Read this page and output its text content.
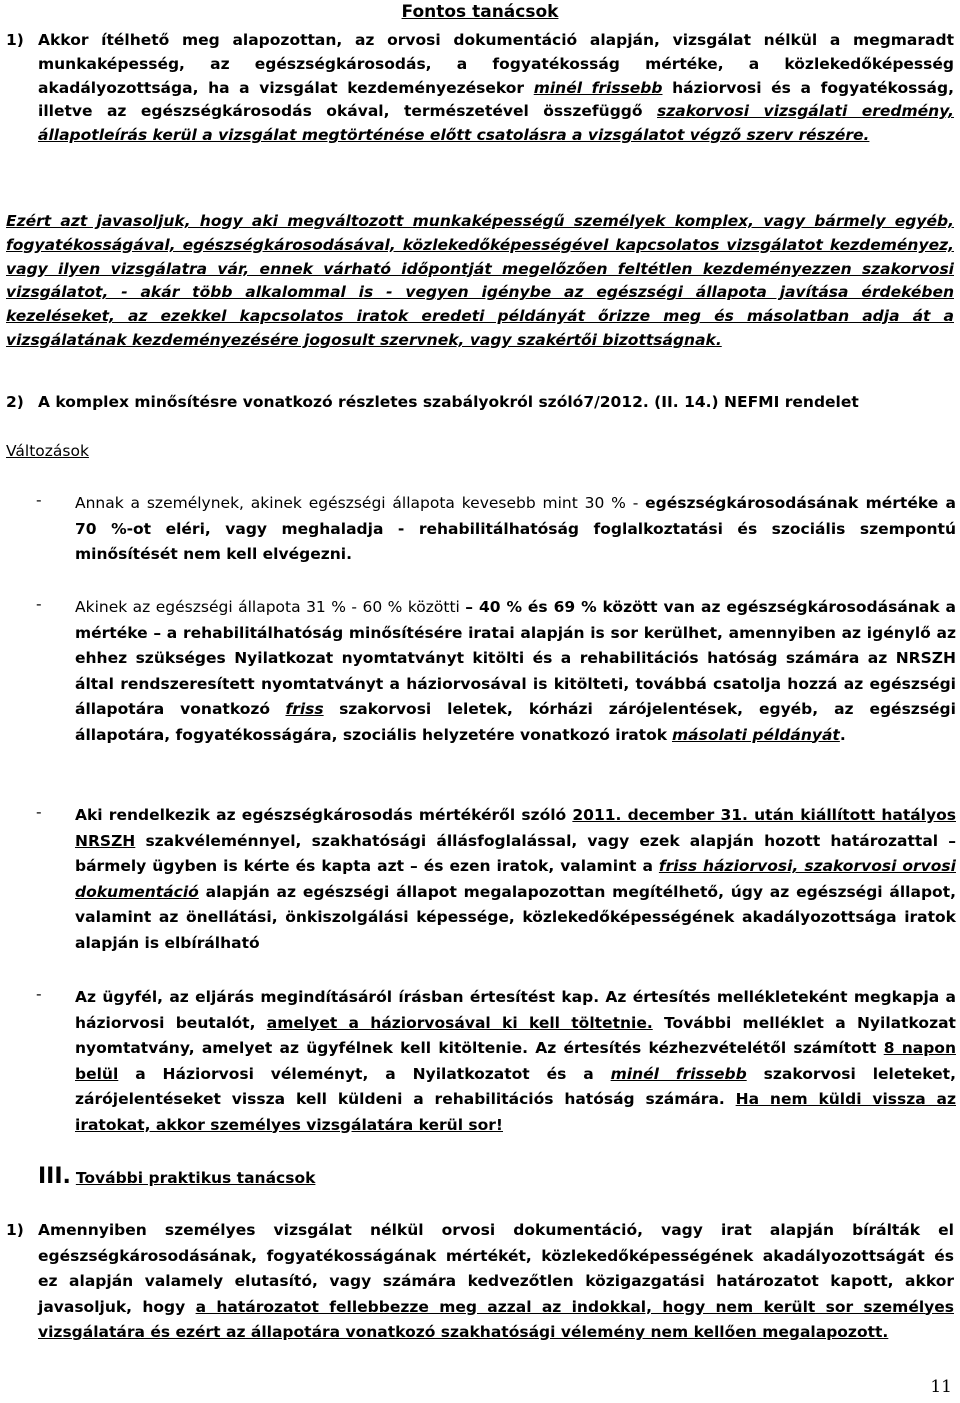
Fontos tanácsok
1) Akkor ítélhető meg alapozottan, az orvosi dokumentáció alapján, vizsgálat nélkül a megmaradt munkaképesség, az egészségkárosodás, a fogyatékosság mértéke, a közlekedőképesség akadályozottsága, ha a vizsgálat kezdeményezésekor minél frissebb háziorvosi és a fogyatékosság, illetve az egészségkárosodás okával, természetével összefüggő szakorvosi vizsgálati eredmény, állapotleírás kerül a vizsgálat megtörténése előtt csatolásra a vizsgálatot végző szerv részére.
Ezért azt javasoljuk, hogy aki megváltozott munkaképességű személyek komplex, vagy bármely egyéb, fogyatékosságával, egészségkárosodásával, közlekedőképességével kapcsolatos vizsgálatot kezdeményez, vagy ilyen vizsgálatra vár, ennek várható időpontját megelőzően feltétlen kezdeményezzen szakorvosi vizsgálatot, - akár több alkalommal is - vegyen igénybe az egészségi állapota javítása érdekében kezeléseket, az ezekkel kapcsolatos iratok eredeti példányát őrizze meg és másolatban adja át a vizsgálatának kezdeményezésére jogosult szervnek, vagy szakértői bizottságnak.
2) A komplex minősítésre vonatkozó részletes szabályokról szóló7/2012. (II. 14.) NEFMI rendelet
Változások
- Annak a személynek, akinek egészségi állapota kevesebb mint 30 % - egészségkárosodásának mértéke a 70 %-ot eléri, vagy meghaladja - rehabilitálhatóság foglalkoztatási és szociális szempontú minősítését nem kell elvégezni.
- Akinek az egészségi állapota 31 % - 60 % közötti – 40 % és 69 % között van az egészségkárosodásának a mértéke – a rehabilitálhatóság minősítésére iratai alapján is sor kerülhet, amennyiben az igénylő az ehhez szükséges Nyilatkozat nyomtatványt kitölti és a rehabilitációs hatóság számára az NRSZH által rendszeresített nyomtatványt a háziorvosával is kitölteti, továbbá csatolja hozzá az egészségi állapotára vonatkozó friss szakorvosi leletek, kórházi zárójelentések, egyéb, az egészségi állapotára, fogyatékosságára, szociális helyzetére vonatkozó iratok másolati példányát.
- Aki rendelkezik az egészségkárosodás mértékéről szóló 2011. december 31. után kiállított hatályos NRSZH szakvéleménnyel, szakhatósági állásfoglalással, vagy ezek alapján hozott határozattal – bármely ügyben is kérte és kapta azt – és ezen iratok, valamint a friss háziorvosi, szakorvosi orvosi dokumentáció alapján az egészségi állapot megalapozottan megítélhető, úgy az egészségi állapot, valamint az önellátási, önkiszolgálási képessége, közlekedőképességének akadályozottsága iratok alapján is elbírálható
- Az ügyfél, az eljárás megindításáról írásban értesítést kap. Az értesítés mellékleteként megkapja a háziorvosi beutalót, amelyet a háziorvosával ki kell töltetnie. További melléklet a Nyilatkozat nyomtatvány, amelyet az ügyfélnek kell kitöltenie. Az értesítés kézhezvételétől számított 8 napon belül a Háziorvosi véleményt, a Nyilatkozatot és a minél frissebb szakorvosi leleteket, zárójelentéseket vissza kell küldeni a rehabilitációs hatóság számára. Ha nem küldi vissza az iratokat, akkor személyes vizsgálatára kerül sor!
III. További praktikus tanácsok
1) Amennyiben személyes vizsgálat nélkül orvosi dokumentáció, vagy irat alapján bírálták el egészségkárosodásának, fogyatékosságának mértékét, közlekedőképességének akadályozottságát és ez alapján valamely elutasító, vagy számára kedvezőtlen közigazgatási határozatot kapott, akkor javasoljuk, hogy a határozatot fellebbezze meg azzal az indokkal, hogy nem került sor személyes vizsgálatára és ezért az állapotára vonatkozó szakhatósági vélemény nem kellően megalapozott.
11
